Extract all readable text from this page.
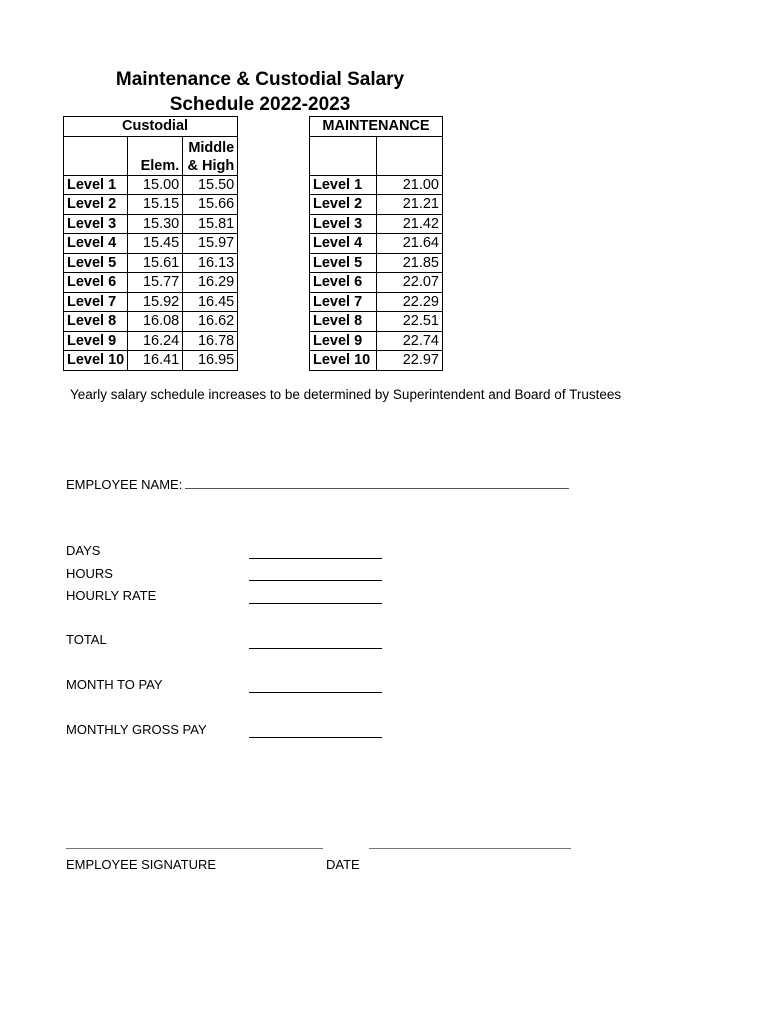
Maintenance & Custodial Salary
Schedule 2022-2023
Custodial		
	Elem.	Middle
& High

Level 1	15.00	15.50
Level 2	15.15	15.66
Level 3	15.30	15.81
Level 4	15.45	15.97
Level 5	15.61	16.13
Level 6	15.77	16.29
Level 7	15.92	16.45
Level 8	16.08	16.62
Level 9	16.24	16.78
Level 10	16.41	16.95
MAINTENANCE	

Level 1	21.00
Level 2	21.21
Level 3	21.42
Level 4	21.64
Level 5	21.85
Level 6	22.07
Level 7	22.29
Level 8	22.51
Level 9	22.74
Level 10	22.97
Yearly salary schedule increases to be determined by Superintendent and Board of Trustees
EMPLOYEE NAME:
DAYS
HOURS
HOURLY RATE
TOTAL
MONTH TO PAY
MONTHLY GROSS PAY
EMPLOYEE SIGNATURE	DATE
